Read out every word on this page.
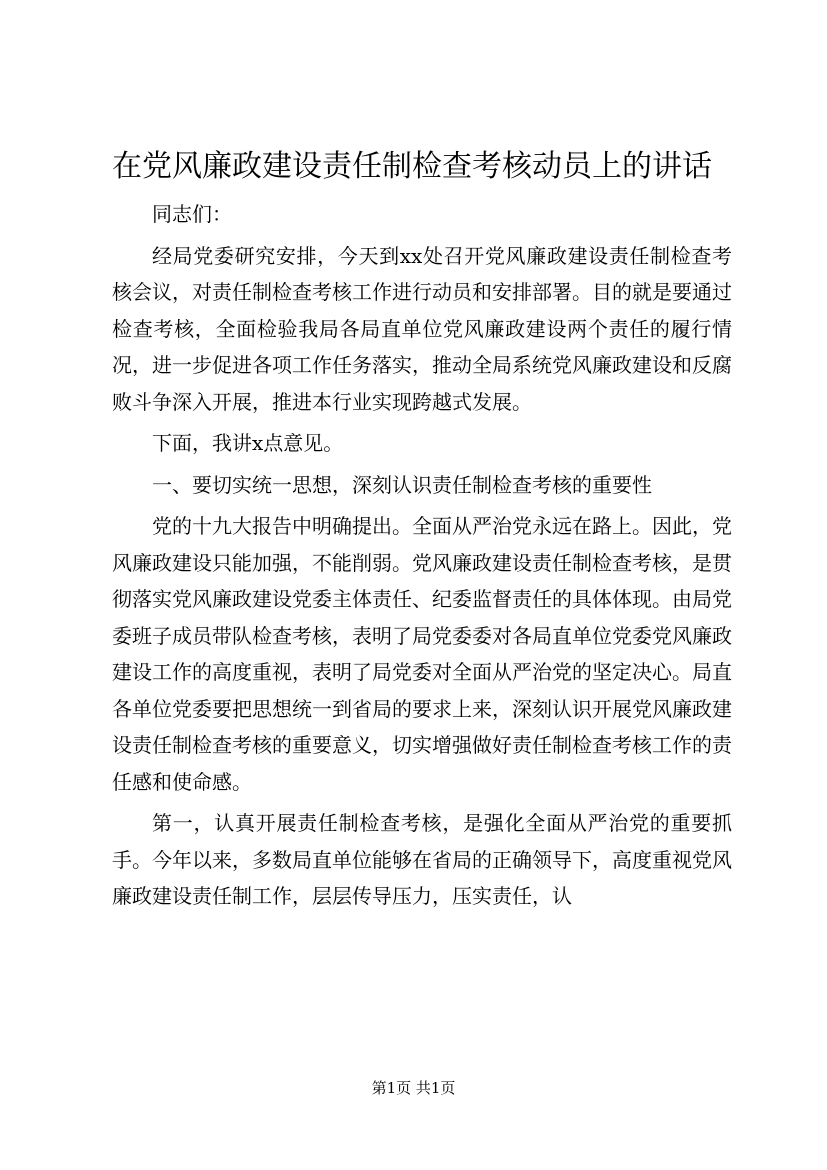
在党风廉政建设责任制检查考核动员上的讲话

同志们：

经局党委研究安排，今天到xx处召开党风廉政建设责任制检查考核会议，对责任制检查考核工作进行动员和安排部署。目的就是要通过检查考核，全面检验我局各局直单位党风廉政建设两个责任的履行情况，进一步促进各项工作任务落实，推动全局系统党风廉政建设和反腐败斗争深入开展，推进本行业实现跨越式发展。

下面，我讲x点意见。

一、要切实统一思想，深刻认识责任制检查考核的重要性

党的十九大报告中明确提出。全面从严治党永远在路上。因此，党风廉政建设只能加强，不能削弱。党风廉政建设责任制检查考核，是贯彻落实党风廉政建设党委主体责任、纪委监督责任的具体体现。由局党委班子成员带队检查考核，表明了局党委委对各局直单位党委党风廉政建设工作的高度重视，表明了局党委对全面从严治党的坚定决心。局直各单位党委要把思想统一到省局的要求上来，深刻认识开展党风廉政建设责任制检查考核的重要意义，切实增强做好责任制检查考核工作的责任感和使命感。

第一，认真开展责任制检查考核，是强化全面从严治党的重要抓手。今年以来，多数局直单位能够在省局的正确领导下，高度重视党风廉政建设责任制工作，层层传导压力，压实责任，认

第1页 共1页
